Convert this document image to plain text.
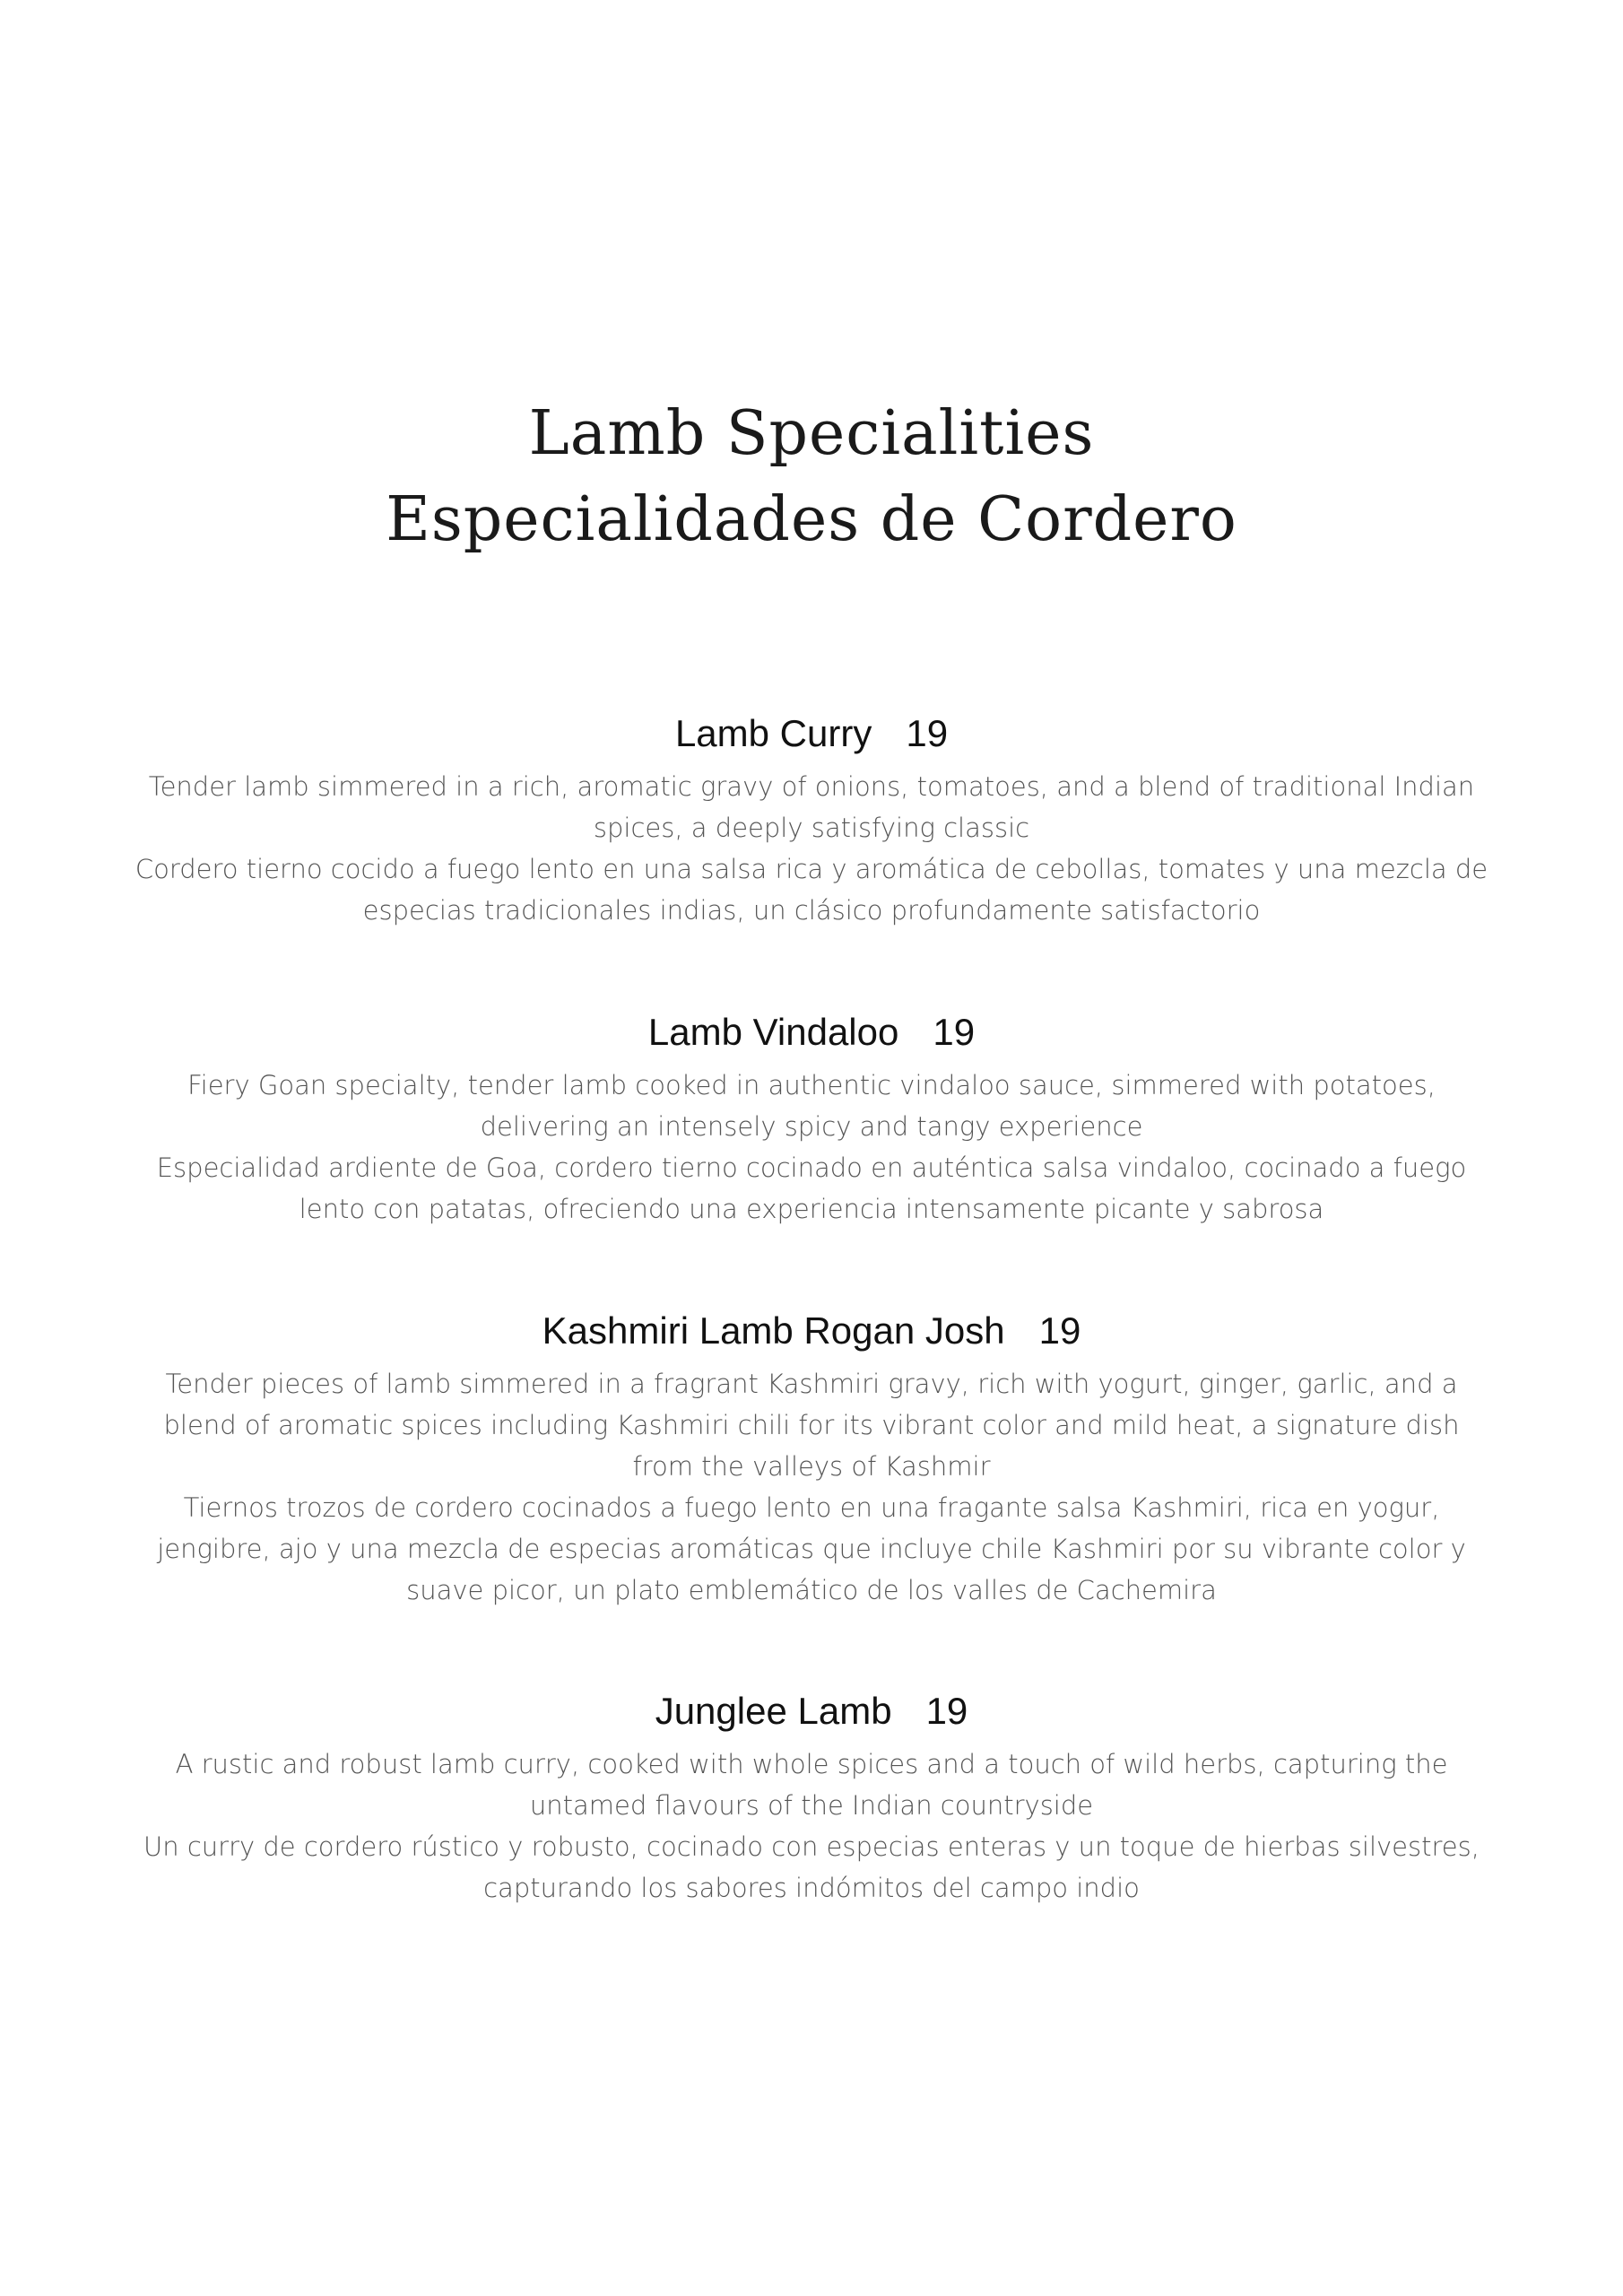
Lamb Specialities
Especialidades de Cordero
Lamb Curry 19

Tender lamb simmered in a rich, aromatic gravy of onions, tomatoes, and a blend of traditional Indian spices, a deeply satisfying classic

Cordero tierno cocido a fuego lento en una salsa rica y aromática de cebollas, tomates y una mezcla de especias tradicionales indias, un clásico profundamente satisfactorio

Lamb Vindaloo 19

Fiery Goan specialty, tender lamb cooked in authentic vindaloo sauce, simmered with potatoes, delivering an intensely spicy and tangy experience

Especialidad ardiente de Goa, cordero tierno cocinado en auténtica salsa vindaloo, cocinado a fuego lento con patatas, ofreciendo una experiencia intensamente picante y sabrosa

Kashmiri Lamb Rogan Josh 19

Tender pieces of lamb simmered in a fragrant Kashmiri gravy, rich with yogurt, ginger, garlic, and a blend of aromatic spices including Kashmiri chili for its vibrant color and mild heat, a signature dish from the valleys of Kashmir

Tiernos trozos de cordero cocinados a fuego lento en una fragante salsa Kashmiri, rica en yogur, jengibre, ajo y una mezcla de especias aromáticas que incluye chile Kashmiri por su vibrante color y suave picor, un plato emblemático de los valles de Cachemira

Junglee Lamb 19

A rustic and robust lamb curry, cooked with whole spices and a touch of wild herbs, capturing the untamed flavours of the Indian countryside

Un curry de cordero rústico y robusto, cocinado con especias enteras y un toque de hierbas silvestres, capturando los sabores indómitos del campo indio
